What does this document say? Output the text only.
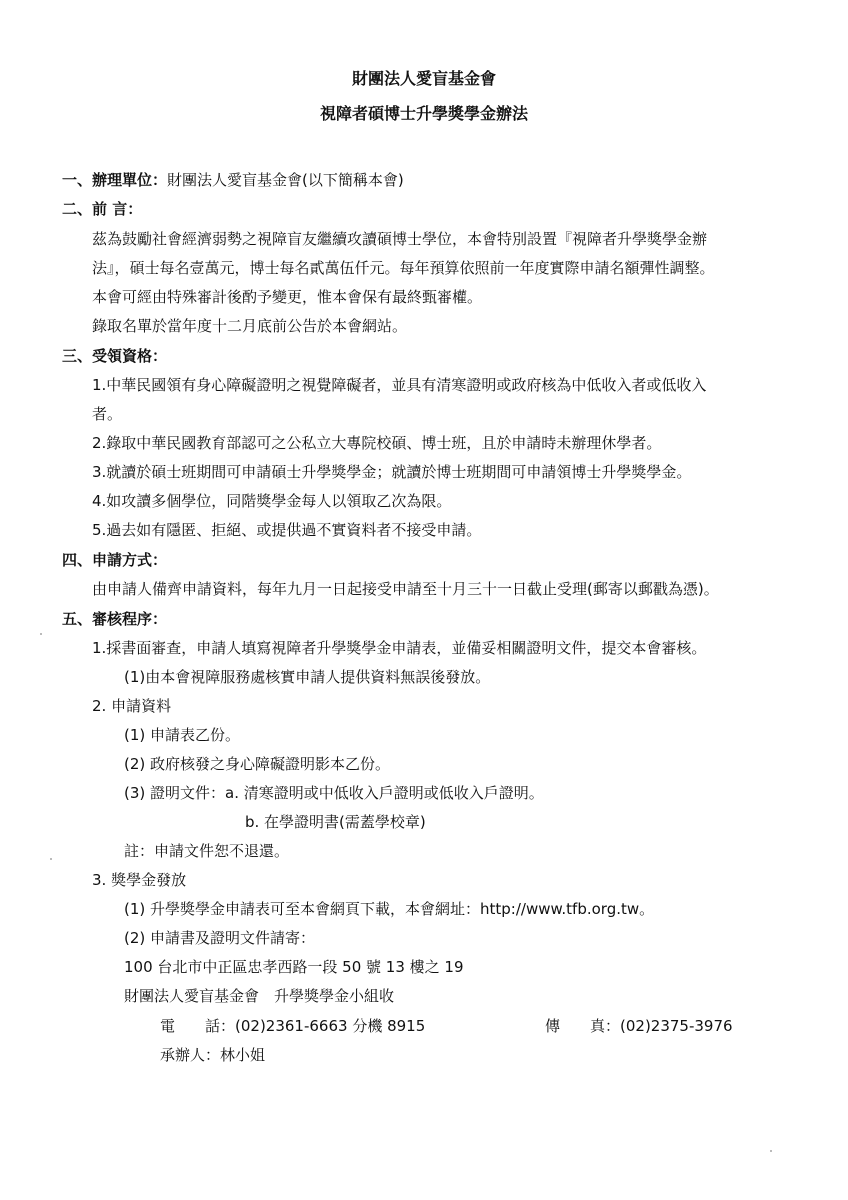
財團法人愛盲基金會
視障者碩博士升學獎學金辦法
一、辦理單位：財團法人愛盲基金會(以下簡稱本會)
二、前 言：
茲為鼓勵社會經濟弱勢之視障盲友繼續攻讀碩博士學位，本會特別設置『視障者升學獎學金辦
法』，碩士每名壹萬元，博士每名貳萬伍仟元。每年預算依照前一年度實際申請名額彈性調整。
本會可經由特殊審計後酌予變更，惟本會保有最終甄審權。
錄取名單於當年度十二月底前公告於本會網站。
三、受領資格：
1.中華民國領有身心障礙證明之視覺障礙者，並具有清寒證明或政府核為中低收入者或低收入
者。
2.錄取中華民國教育部認可之公私立大專院校碩、博士班，且於申請時未辦理休學者。
3.就讀於碩士班期間可申請碩士升學獎學金；就讀於博士班期間可申請領博士升學獎學金。
4.如攻讀多個學位，同階獎學金每人以領取乙次為限。
5.過去如有隱匿、拒絕、或提供過不實資料者不接受申請。
四、申請方式：
由申請人備齊申請資料，每年九月一日起接受申請至十月三十一日截止受理(郵寄以郵戳為憑)。
五、審核程序：
1.採書面審查，申請人填寫視障者升學獎學金申請表，並備妥相關證明文件，提交本會審核。
(1)由本會視障服務處核實申請人提供資料無誤後發放。
2. 申請資料
(1) 申請表乙份。
(2) 政府核發之身心障礙證明影本乙份。
(3) 證明文件：a. 清寒證明或中低收入戶證明或低收入戶證明。
b. 在學證明書(需蓋學校章)
註：申請文件恕不退還。
3. 獎學金發放
(1) 升學獎學金申請表可至本會網頁下載，本會網址：http://www.tfb.org.tw。
(2) 申請書及證明文件請寄：
100 台北市中正區忠孝西路一段 50 號 13 樓之 19
財團法人愛盲基金會　升學獎學金小組收
電　　話：(02)2361-6663 分機 8915	傳　　真：(02)2375-3976
承辦人：林小姐
